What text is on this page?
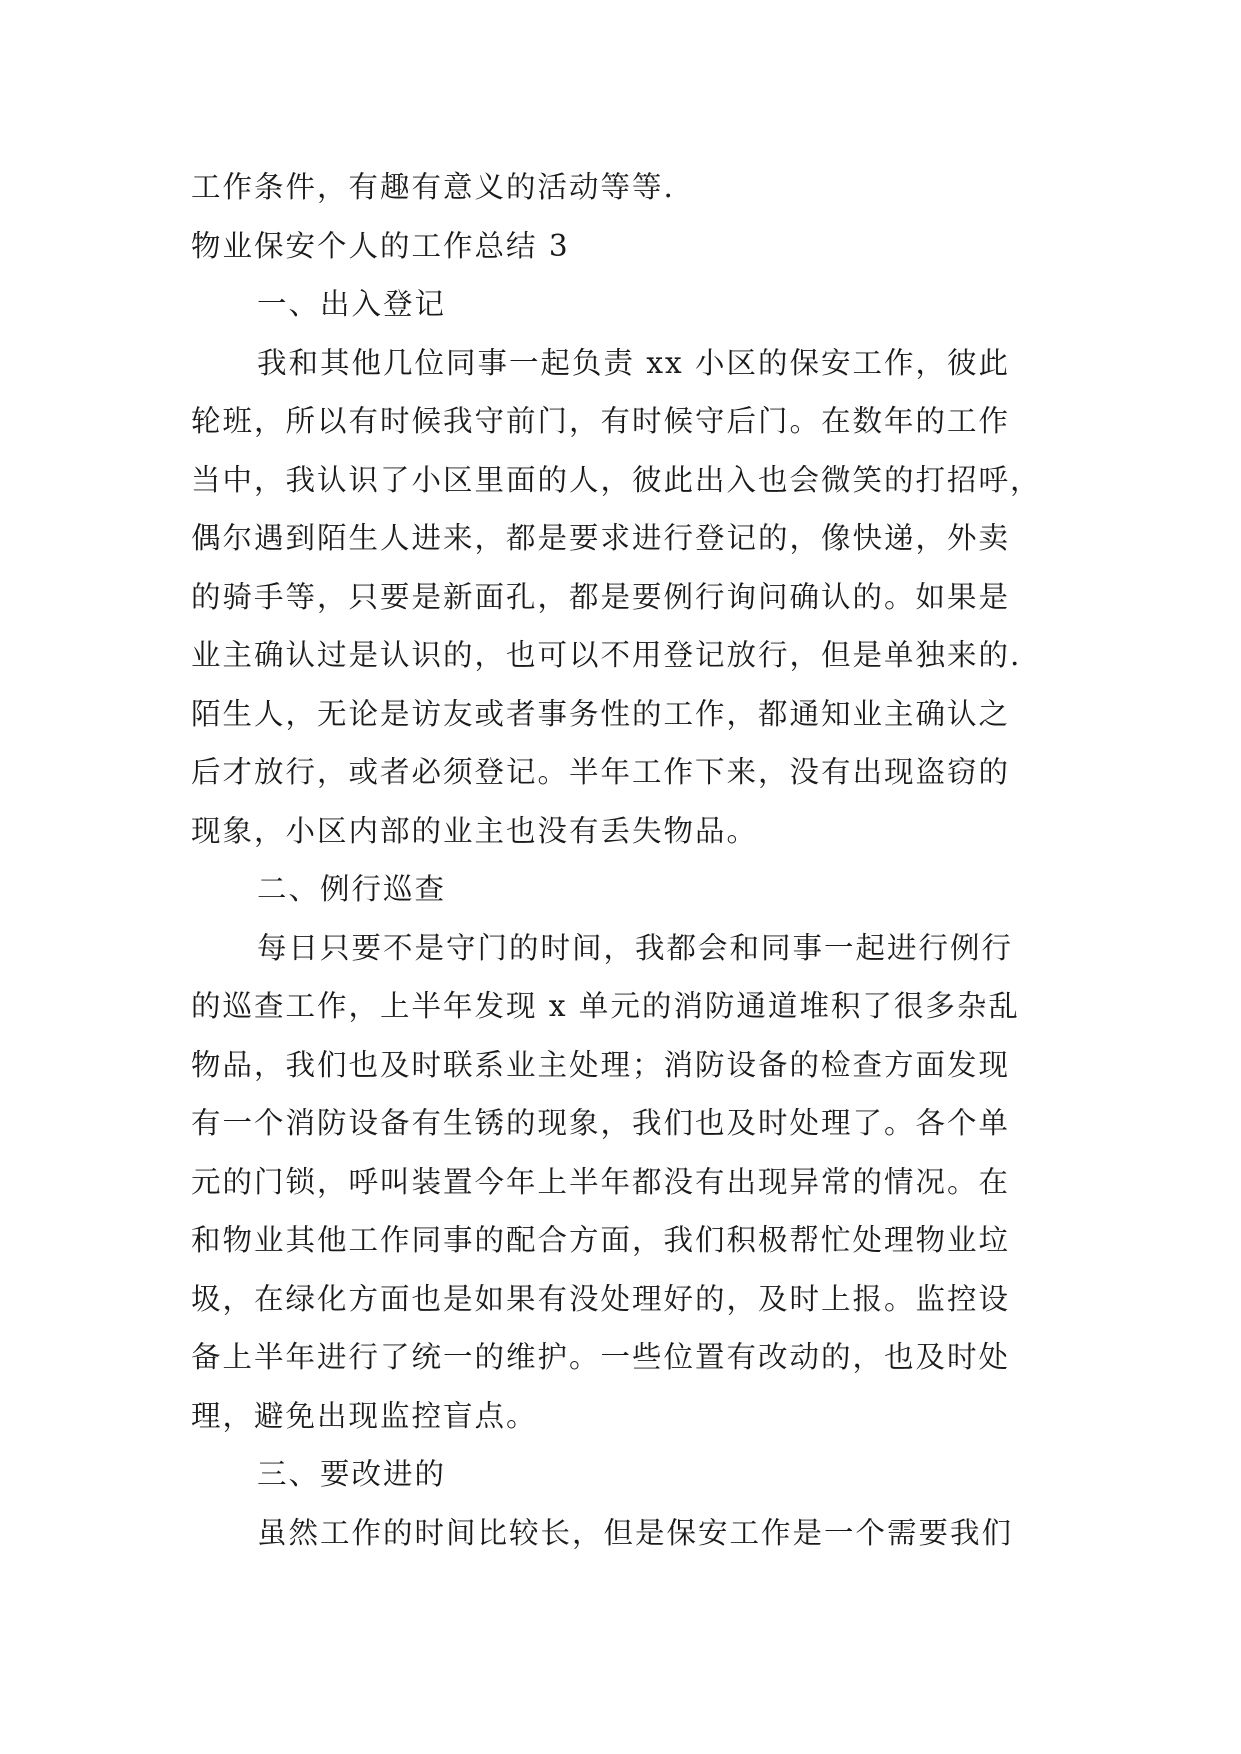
工作条件，有趣有意义的活动等等.
物业保安个人的工作总结 3
一、出入登记
我和其他几位同事一起负责 xx 小区的保安工作，彼此
轮班，所以有时候我守前门，有时候守后门。在数年的工作
当中，我认识了小区里面的人，彼此出入也会微笑的打招呼，
偶尔遇到陌生人进来，都是要求进行登记的，像快递，外卖
的骑手等，只要是新面孔，都是要例行询问确认的。如果是
业主确认过是认识的，也可以不用登记放行，但是单独来的.
陌生人，无论是访友或者事务性的工作，都通知业主确认之
后才放行，或者必须登记。半年工作下来，没有出现盗窃的
现象，小区内部的业主也没有丢失物品。
二、例行巡查
每日只要不是守门的时间，我都会和同事一起进行例行
的巡查工作，上半年发现 x 单元的消防通道堆积了很多杂乱
物品，我们也及时联系业主处理；消防设备的检查方面发现
有一个消防设备有生锈的现象，我们也及时处理了。各个单
元的门锁，呼叫装置今年上半年都没有出现异常的情况。在
和物业其他工作同事的配合方面，我们积极帮忙处理物业垃
圾，在绿化方面也是如果有没处理好的，及时上报。监控设
备上半年进行了统一的维护。一些位置有改动的，也及时处
理，避免出现监控盲点。
三、要改进的
虽然工作的时间比较长，但是保安工作是一个需要我们
